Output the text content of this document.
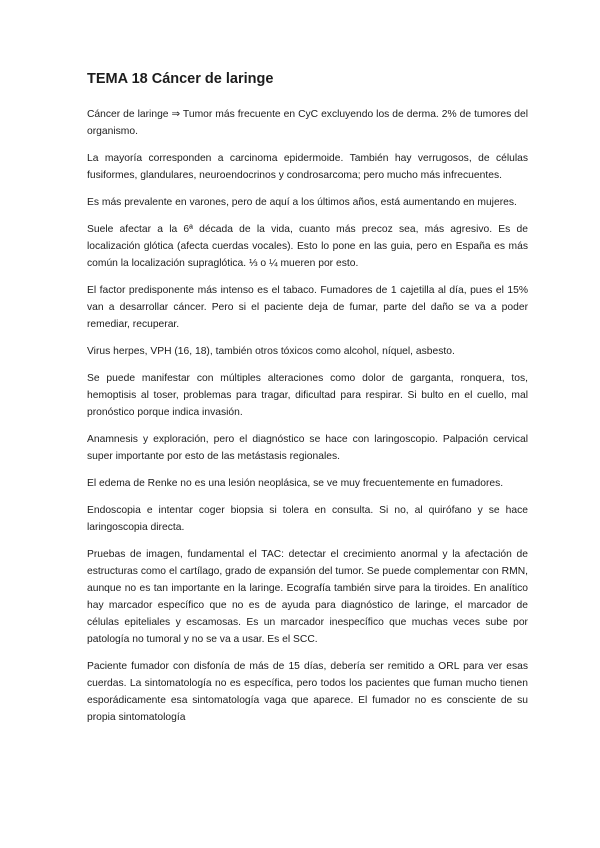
TEMA 18 Cáncer de laringe

Cáncer de laringe ⇒ Tumor más frecuente en CyC excluyendo los de derma. 2% de tumores del organismo.

La mayoría corresponden a carcinoma epidermoide. También hay verrugosos, de células fusiformes, glandulares, neuroendocrinos y condrosarcoma; pero mucho más infrecuentes.

Es más prevalente en varones, pero de aquí a los últimos años, está aumentando en mujeres.

Suele afectar a la 6ª década de la vida, cuanto más precoz sea, más agresivo. Es de localización glótica (afecta cuerdas vocales). Esto lo pone en las guia, pero en España es más común la localización supraglótica. ⅓ o ¼ mueren por esto.

El factor predisponente más intenso es el tabaco. Fumadores de 1 cajetilla al día, pues el 15% van a desarrollar cáncer. Pero si el paciente deja de fumar, parte del daño se va a poder remediar, recuperar.

Virus herpes, VPH (16, 18), también otros tóxicos como alcohol, níquel, asbesto.

Se puede manifestar con múltiples alteraciones como dolor de garganta, ronquera, tos, hemoptisis al toser, problemas para tragar, dificultad para respirar. Si bulto en el cuello, mal pronóstico porque indica invasión.

Anamnesis y exploración, pero el diagnóstico se hace con laringoscopio. Palpación cervical super importante por esto de las metástasis regionales.

El edema de Renke no es una lesión neoplásica, se ve muy frecuentemente en fumadores.

Endoscopia e intentar coger biopsia si tolera en consulta. Si no, al quirófano y se hace laringoscopia directa.

Pruebas de imagen, fundamental el TAC: detectar el crecimiento anormal y la afectación de estructuras como el cartílago, grado de expansión del tumor. Se puede complementar con RMN, aunque no es tan importante en la laringe. Ecografía también sirve para la tiroides. En analítico hay marcador específico que no es de ayuda para diagnóstico de laringe, el marcador de células epiteliales y escamosas. Es un marcador inespecífico que muchas veces sube por patología no tumoral y no se va a usar. Es el SCC.

Paciente fumador con disfonía de más de 15 días, debería ser remitido a ORL para ver esas cuerdas. La sintomatología no es específica, pero todos los pacientes que fuman mucho tienen esporádicamente esa sintomatología vaga que aparece. El fumador no es consciente de su propia sintomatología
